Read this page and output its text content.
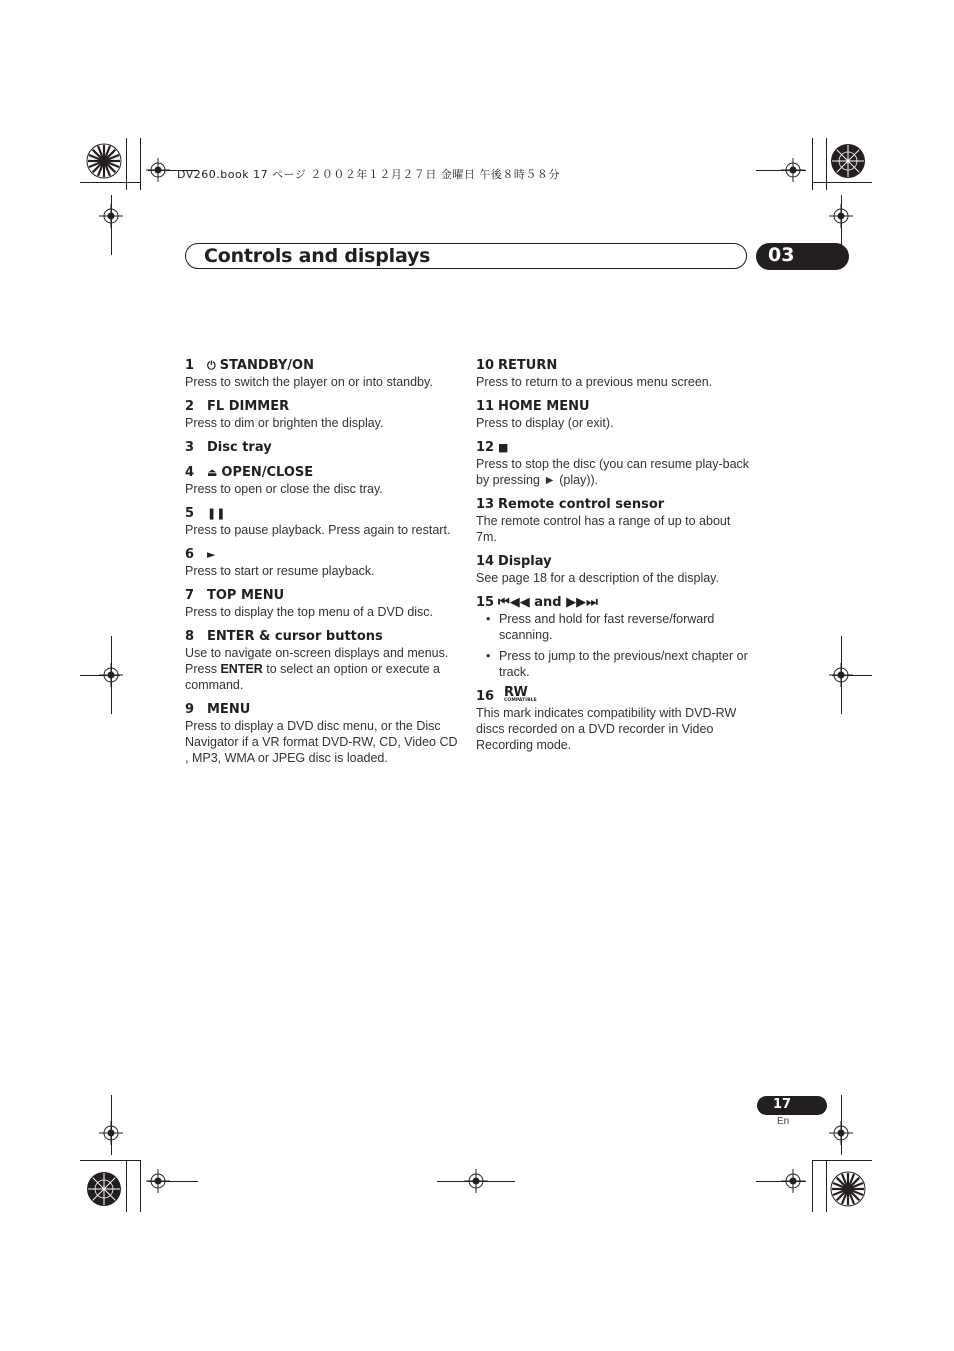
DV260.book 17 ページ ２００２年１２月２７日 金曜日 午後８時５８分
Controls and displays	03
1 ⏻ STANDBY/ON
Press to switch the player on or into standby.
2 FL DIMMER
Press to dim or brighten the display.
3 Disc tray
4 ⏏ OPEN/CLOSE
Press to open or close the disc tray.
5 ❚❚
Press to pause playback. Press again to restart.
6 ►
Press to start or resume playback.
7 TOP MENU
Press to display the top menu of a DVD disc.
8 ENTER & cursor buttons
Use to navigate on-screen displays and menus. Press ENTER to select an option or execute a command.
9 MENU
Press to display a DVD disc menu, or the Disc Navigator if a VR format DVD-RW, CD, Video CD , MP3, WMA or JPEG disc is loaded.
10 RETURN
Press to return to a previous menu screen.
11 HOME MENU
Press to display (or exit).
12 ■
Press to stop the disc (you can resume play-back by pressing ► (play)).
13 Remote control sensor
The remote control has a range of up to about 7m.
14 Display
See page 18 for a description of the display.
15 ⏮◀◀ and ▶▶⏭
• Press and hold for fast reverse/forward scanning.
• Press to jump to the previous/next chapter or track.
16 RW
COMPATIBLE
This mark indicates compatibility with DVD-RW discs recorded on a DVD recorder in Video Recording mode.
17
En
